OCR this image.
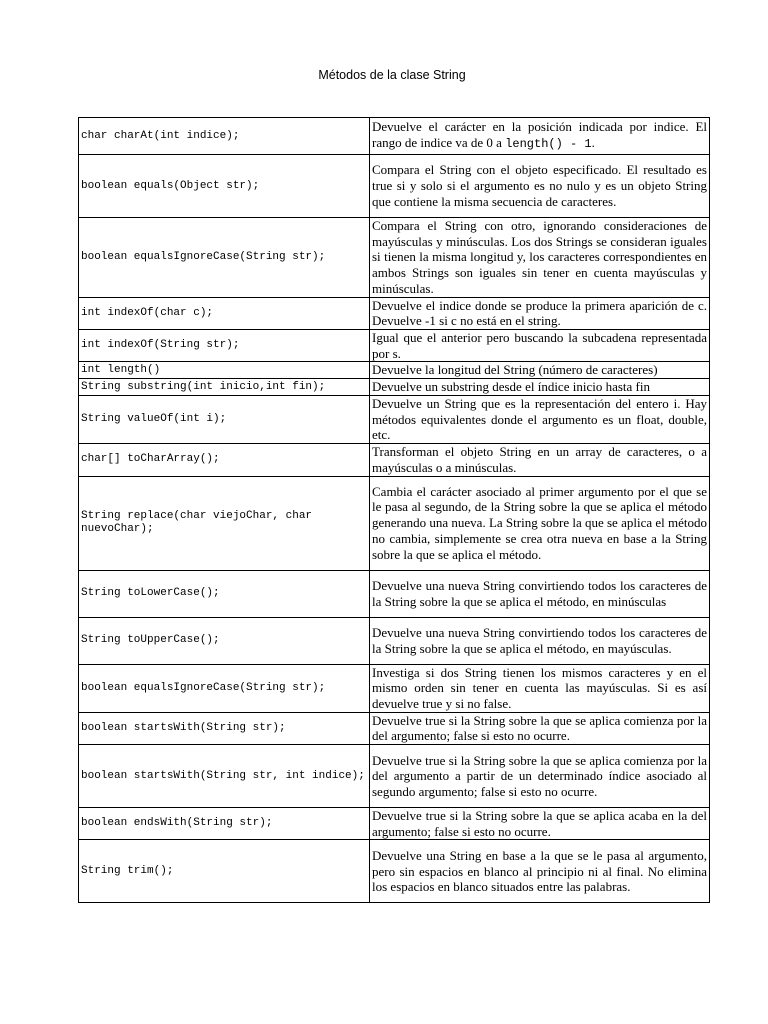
Métodos de la clase String
char charAt(int indice);	Devuelve el carácter en la posición indicada por indice. El rango de indice va de 0 a length() - 1.
boolean equals(Object str);	Compara el String con el objeto especificado. El resultado es true si y solo si el argumento es no nulo y es un objeto String que contiene la misma secuencia de caracteres.
boolean equalsIgnoreCase(String str);	Compara el String con otro, ignorando consideraciones de mayúsculas y minúsculas. Los dos Strings se consideran iguales si tienen la misma longitud y, los caracteres correspondientes en ambos Strings son iguales sin tener en cuenta mayúsculas y minúsculas.
int indexOf(char c);	Devuelve el indice donde se produce la primera aparición de c. Devuelve -1 si c no está en el string.
int indexOf(String str);	Igual que el anterior pero buscando la subcadena representada por s.
int length()	Devuelve la longitud del String (número de caracteres)
String substring(int inicio,int fin);	Devuelve un substring desde el índice inicio hasta fin
String valueOf(int i);	Devuelve un String que es la representación del entero i. Hay métodos equivalentes donde el argumento es un float, double, etc.
char[] toCharArray();	Transforman el objeto String en un array de caracteres, o a mayúsculas o a minúsculas.
String replace(char viejoChar, char nuevoChar);	Cambia el carácter asociado al primer argumento por el que se le pasa al segundo, de la String sobre la que se aplica el método generando una nueva. La String sobre la que se aplica el método no cambia, simplemente se crea otra nueva en base a la String sobre la que se aplica el método.
String toLowerCase();	Devuelve una nueva String convirtiendo todos los caracteres de la String sobre la que se aplica el método, en minúsculas
String toUpperCase();	Devuelve una nueva String convirtiendo todos los caracteres de la String sobre la que se aplica el método, en mayúsculas.
boolean equalsIgnoreCase(String str);	Investiga si dos String tienen los mismos caracteres y en el mismo orden sin tener en cuenta las mayúsculas. Si es así devuelve true y si no false.
boolean startsWith(String str);	Devuelve true si la String sobre la que se aplica comienza por la del argumento; false si esto no ocurre.
boolean startsWith(String str, int indice);	Devuelve true si la String sobre la que se aplica comienza por la del argumento a partir de un determinado índice asociado al segundo argumento; false si esto no ocurre.
boolean endsWith(String str);	Devuelve true si la String sobre la que se aplica acaba en la del argumento; false si esto no ocurre.
String trim();	Devuelve una String en base a la que se le pasa al argumento, pero sin espacios en blanco al principio ni al final. No elimina los espacios en blanco situados entre las palabras.
